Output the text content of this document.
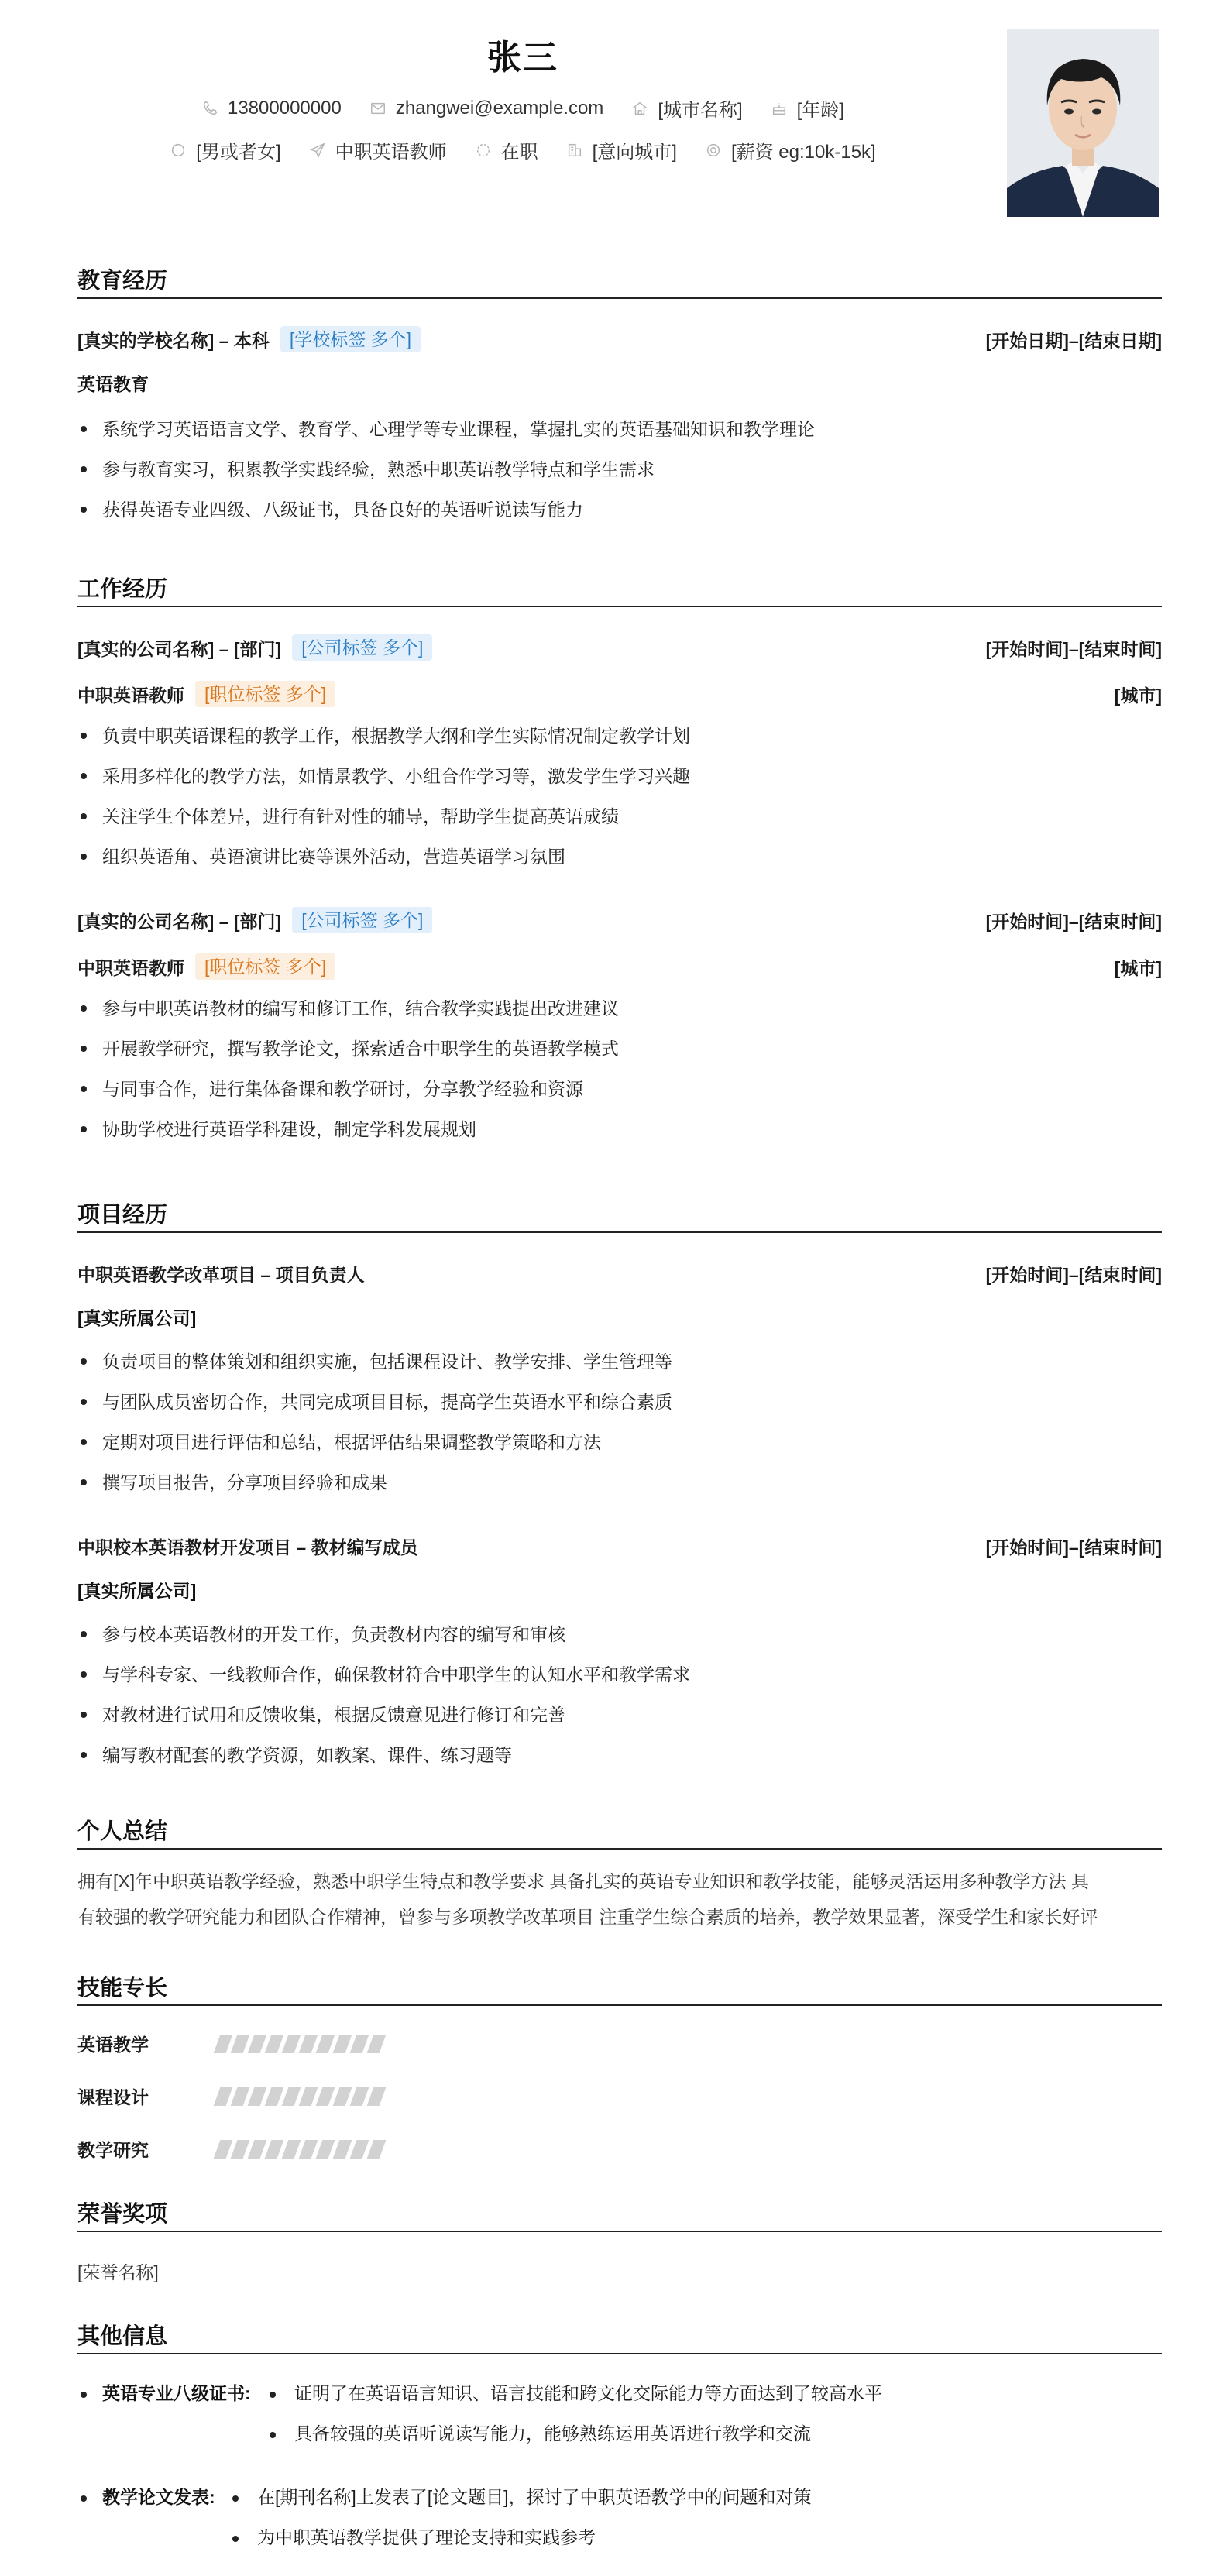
张三
13800000000	zhangwei@example.com	[城市名称]	[年龄]
[男或者女]	中职英语教师	在职	[意向城市]	[薪资 eg:10k-15k]
教育经历
[真实的学校名称] – 本科	[学校标签 多个]	[开始日期]–[结束日期]
英语教育
系统学习英语语言文学、教育学、心理学等专业课程，掌握扎实的英语基础知识和教学理论
参与教育实习，积累教学实践经验，熟悉中职英语教学特点和学生需求
获得英语专业四级、八级证书，具备良好的英语听说读写能力
工作经历
[真实的公司名称] – [部门]	[公司标签 多个]	[开始时间]–[结束时间]
中职英语教师	[职位标签 多个]	[城市]
负责中职英语课程的教学工作，根据教学大纲和学生实际情况制定教学计划
采用多样化的教学方法，如情景教学、小组合作学习等，激发学生学习兴趣
关注学生个体差异，进行有针对性的辅导，帮助学生提高英语成绩
组织英语角、英语演讲比赛等课外活动，营造英语学习氛围
[真实的公司名称] – [部门]	[公司标签 多个]	[开始时间]–[结束时间]
中职英语教师	[职位标签 多个]	[城市]
参与中职英语教材的编写和修订工作，结合教学实践提出改进建议
开展教学研究，撰写教学论文，探索适合中职学生的英语教学模式
与同事合作，进行集体备课和教学研讨，分享教学经验和资源
协助学校进行英语学科建设，制定学科发展规划
项目经历
中职英语教学改革项目 – 项目负责人	[开始时间]–[结束时间]
[真实所属公司]
负责项目的整体策划和组织实施，包括课程设计、教学安排、学生管理等
与团队成员密切合作，共同完成项目目标，提高学生英语水平和综合素质
定期对项目进行评估和总结，根据评估结果调整教学策略和方法
撰写项目报告，分享项目经验和成果
中职校本英语教材开发项目 – 教材编写成员	[开始时间]–[结束时间]
[真实所属公司]
参与校本英语教材的开发工作，负责教材内容的编写和审核
与学科专家、一线教师合作，确保教材符合中职学生的认知水平和教学需求
对教材进行试用和反馈收集，根据反馈意见进行修订和完善
编写教材配套的教学资源，如教案、课件、练习题等
个人总结
拥有[X]年中职英语教学经验，熟悉中职学生特点和教学要求 具备扎实的英语专业知识和教学技能，能够灵活运用多种教学方法 具
有较强的教学研究能力和团队合作精神，曾参与多项教学改革项目 注重学生综合素质的培养，教学效果显著，深受学生和家长好评
技能专长
英语教学
课程设计
教学研究
荣誉奖项
[荣誉名称]
其他信息
英语专业八级证书: 证明了在英语语言知识、语言技能和跨文化交际能力等方面达到了较高水平
具备较强的英语听说读写能力，能够熟练运用英语进行教学和交流
教学论文发表: 在[期刊名称]上发表了[论文题目]，探讨了中职英语教学中的问题和对策
为中职英语教学提供了理论支持和实践参考
